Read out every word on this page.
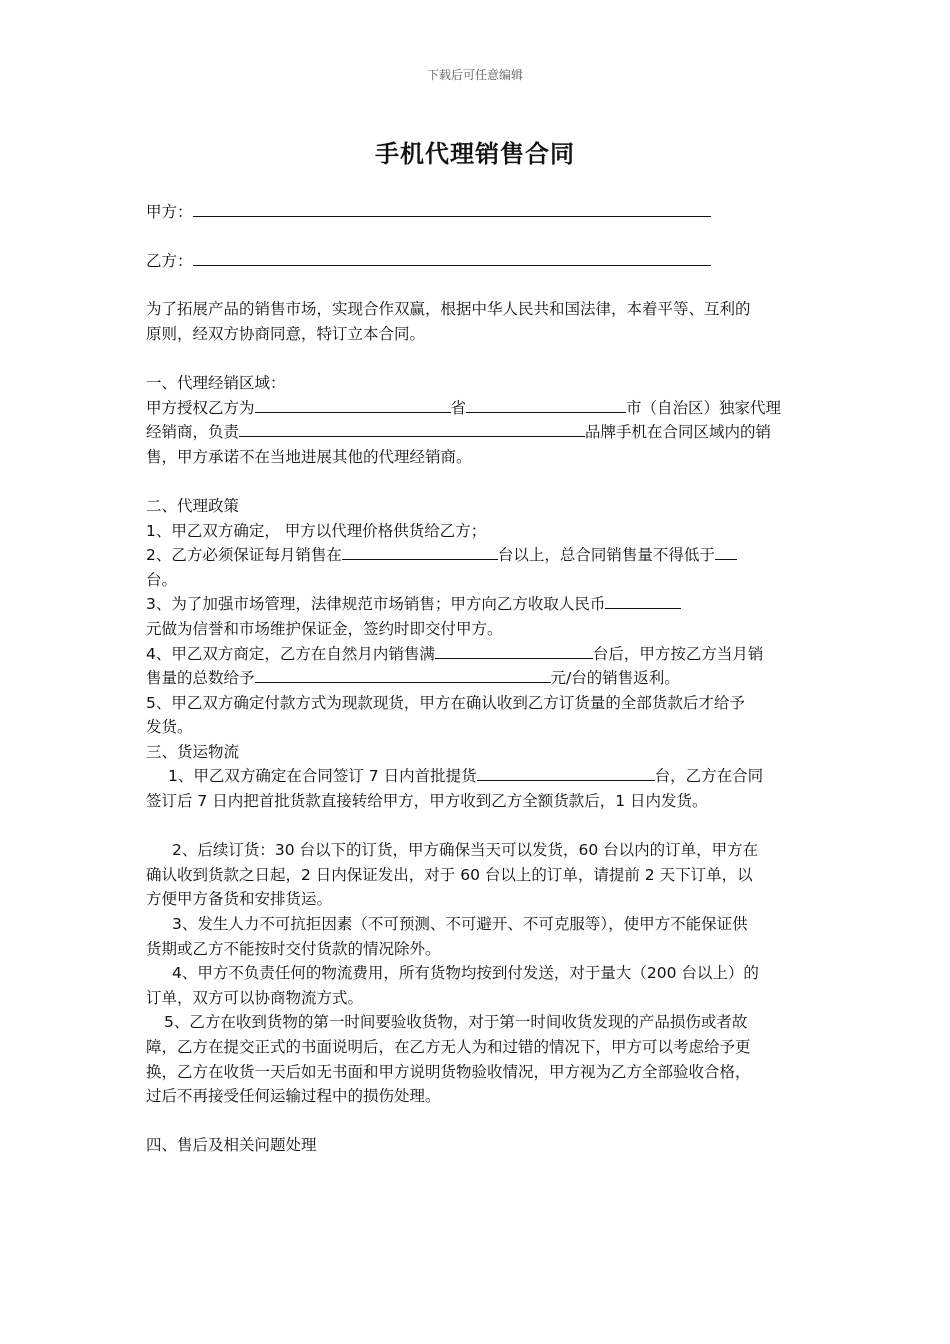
下载后可任意编辑
手机代理销售合同
甲方：
乙方：
为了拓展产品的销售市场，实现合作双赢，根据中华人民共和国法律，本着平等、互利的
原则，经双方协商同意，特订立本合同。
一、代理经销区域：
甲方授权乙方为	省	市（自治区）独家代理
经销商，负责	品牌手机在合同区域内的销
售，甲方承诺不在当地进展其他的代理经销商。
二、代理政策
1、甲乙双方确定， 甲方以代理价格供货给乙方；
2、乙方必须保证每月销售在	台以上，总合同销售量不得低于
台。
3、为了加强市场管理，法律规范市场销售；甲方向乙方收取人民币
元做为信誉和市场维护保证金，签约时即交付甲方。
4、甲乙双方商定，乙方在自然月内销售满	台后，甲方按乙方当月销
售量的总数给予	元/台的销售返利。
5、甲乙双方确定付款方式为现款现货，甲方在确认收到乙方订货量的全部货款后才给予
发货。
三、货运物流
1、甲乙双方确定在合同签订 7 日内首批提货	台，乙方在合同
签订后 7 日内把首批货款直接转给甲方，甲方收到乙方全额货款后，1 日内发货。
2、后续订货：30 台以下的订货，甲方确保当天可以发货，60 台以内的订单，甲方在
确认收到货款之日起，2 日内保证发出，对于 60 台以上的订单，请提前 2 天下订单，以
方便甲方备货和安排货运。
3、发生人力不可抗拒因素（不可预测、不可避开、不可克服等），使甲方不能保证供
货期或乙方不能按时交付货款的情况除外。
4、甲方不负责任何的物流费用，所有货物均按到付发送，对于量大（200 台以上）的
订单，双方可以协商物流方式。
5、乙方在收到货物的第一时间要验收货物，对于第一时间收货发现的产品损伤或者故
障，乙方在提交正式的书面说明后，在乙方无人为和过错的情况下，甲方可以考虑给予更
换，乙方在收货一天后如无书面和甲方说明货物验收情况，甲方视为乙方全部验收合格，
过后不再接受任何运输过程中的损伤处理。
四、售后及相关问题处理
